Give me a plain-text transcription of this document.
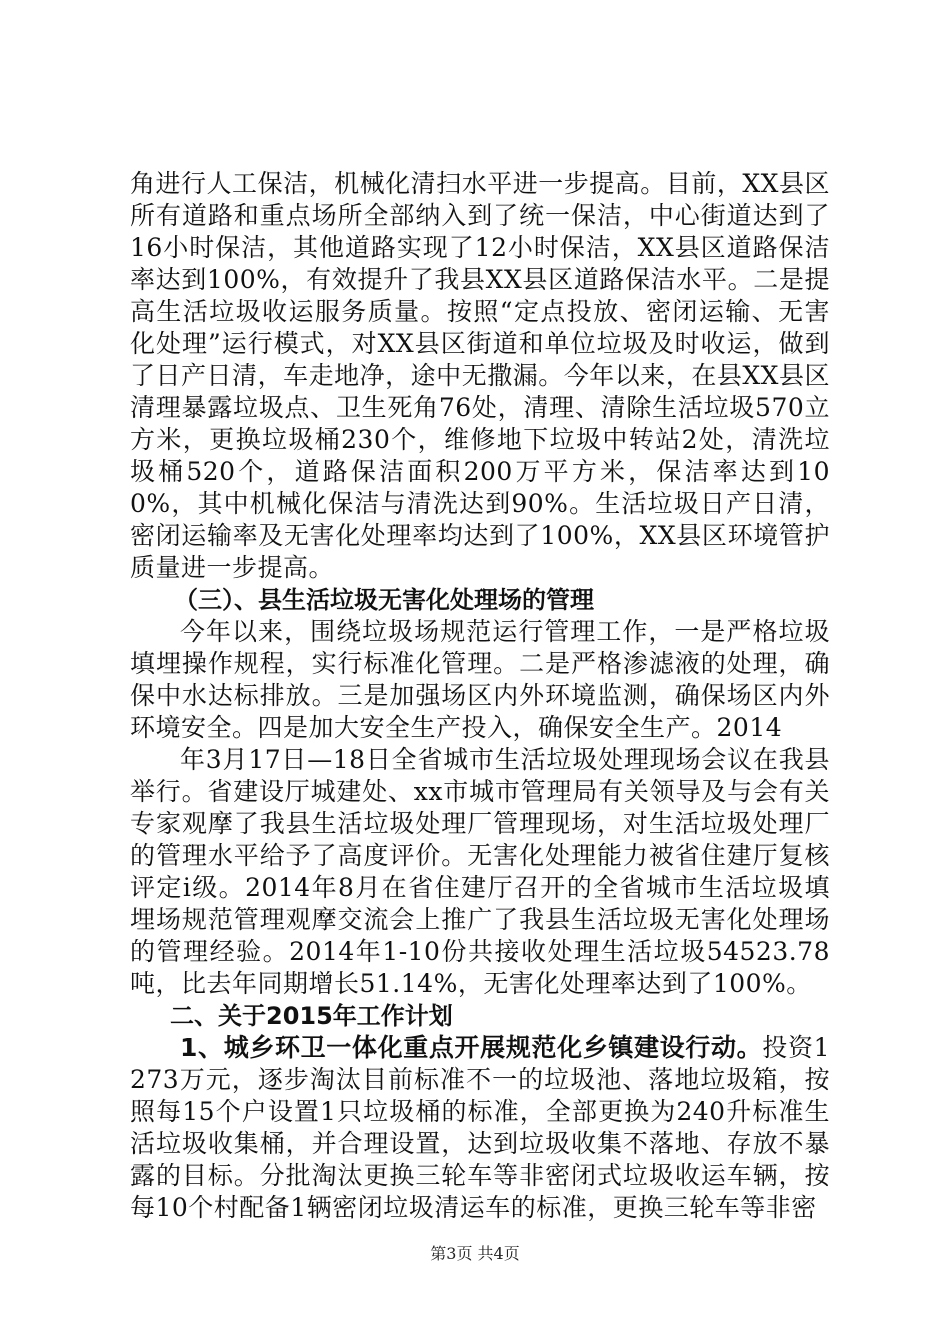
角进行人工保洁，机械化清扫水平进一步提高。目前，XX县区所有道路和重点场所全部纳入到了统一保洁，中心街道达到了16小时保洁，其他道路实现了12小时保洁，XX县区道路保洁率达到100%，有效提升了我县XX县区道路保洁水平。二是提高生活垃圾收运服务质量。按照“定点投放、密闭运输、无害化处理”运行模式，对XX县区街道和单位垃圾及时收运，做到了日产日清，车走地净，途中无撒漏。今年以来，在县XX县区清理暴露垃圾点、卫生死角76处，清理、清除生活垃圾570立方米，更换垃圾桶230个，维修地下垃圾中转站2处，清洗垃圾桶520个，道路保洁面积200万平方米，保洁率达到100%，其中机械化保洁与清洗达到90%。生活垃圾日产日清，密闭运输率及无害化处理率均达到了100%，XX县区环境管护质量进一步提高。

（三）、县生活垃圾无害化处理场的管理

今年以来，围绕垃圾场规范运行管理工作，一是严格垃圾填埋操作规程，实行标准化管理。二是严格渗滤液的处理，确保中水达标排放。三是加强场区内外环境监测，确保场区内外环境安全。四是加大安全生产投入，确保安全生产。2014

年3月17日—18日全省城市生活垃圾处理现场会议在我县举行。省建设厅城建处、xx市城市管理局有关领导及与会有关专家观摩了我县生活垃圾处理厂管理现场，对生活垃圾处理厂的管理水平给予了高度评价。无害化处理能力被省住建厅复核评定ⅰ级。2014年8月在省住建厅召开的全省城市生活垃圾填埋场规范管理观摩交流会上推广了我县生活垃圾无害化处理场的管理经验。2014年1-10份共接收处理生活垃圾54523.78吨，比去年同期增长51.14%，无害化处理率达到了100%。

二、关于2015年工作计划

1、城乡环卫一体化重点开展规范化乡镇建设行动。投资1273万元，逐步淘汰目前标准不一的垃圾池、落地垃圾箱，按照每15个户设置1只垃圾桶的标准，全部更换为240升标准生活垃圾收集桶，并合理设置，达到垃圾收集不落地、存放不暴露的目标。分批淘汰更换三轮车等非密闭式垃圾收运车辆，按每10个村配备1辆密闭垃圾清运车的标准，更换三轮车等非密

第3页 共4页
